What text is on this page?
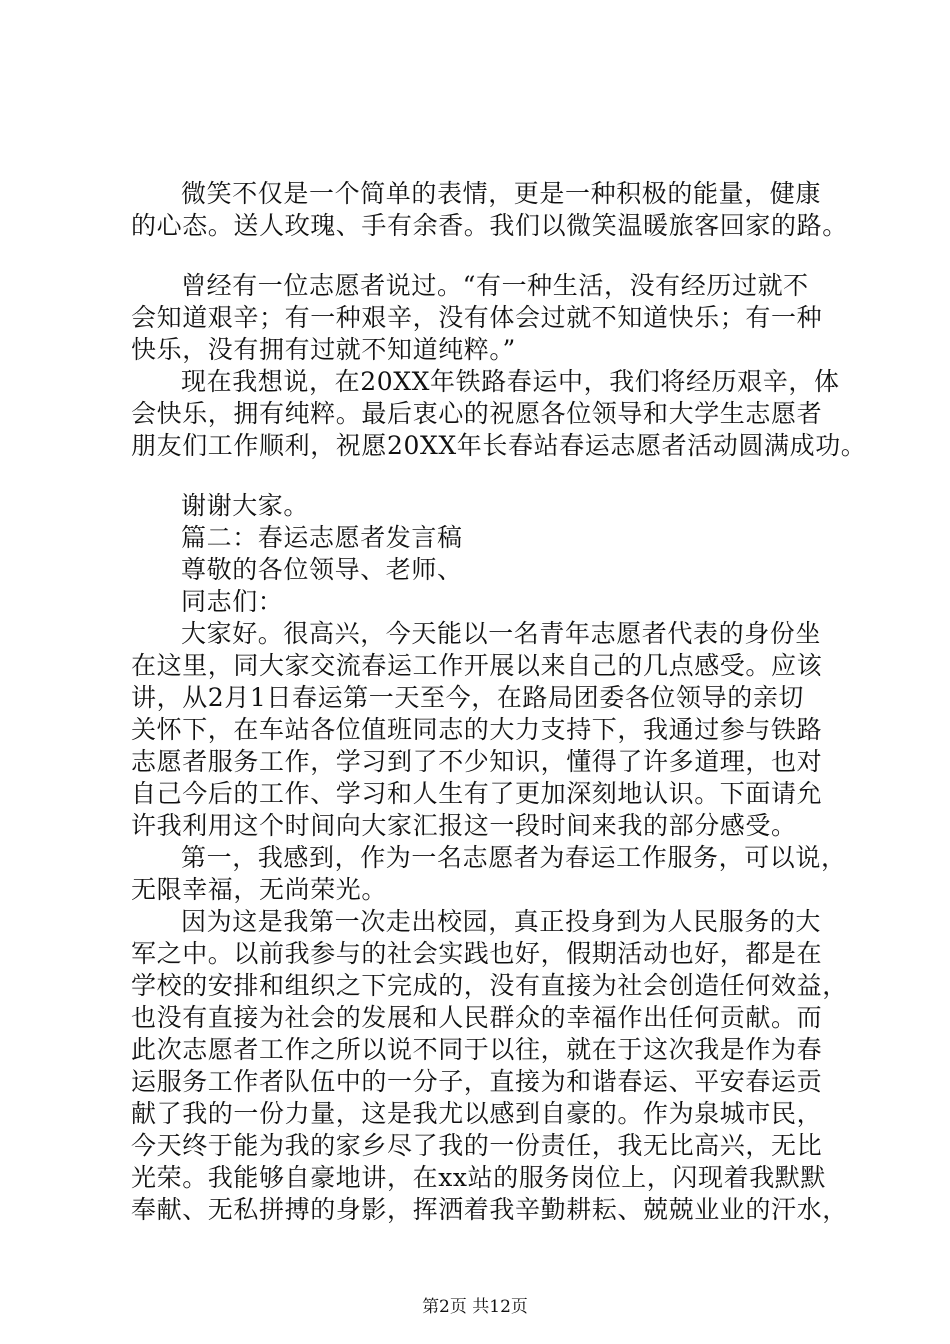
微笑不仅是一个简单的表情，更是一种积极的能量，健康
的心态。送人玫瑰、手有余香。我们以微笑温暖旅客回家的路。
曾经有一位志愿者说过。“有一种生活，没有经历过就不
会知道艰辛；有一种艰辛，没有体会过就不知道快乐；有一种
快乐，没有拥有过就不知道纯粹。”
现在我想说，在20XX年铁路春运中，我们将经历艰辛，体
会快乐，拥有纯粹。最后衷心的祝愿各位领导和大学生志愿者
朋友们工作顺利，祝愿20XX年长春站春运志愿者活动圆满成功。
谢谢大家。
篇二：春运志愿者发言稿
尊敬的各位领导、老师、
同志们：
大家好。很高兴，今天能以一名青年志愿者代表的身份坐
在这里，同大家交流春运工作开展以来自己的几点感受。应该
讲，从2月1日春运第一天至今，在路局团委各位领导的亲切
关怀下，在车站各位值班同志的大力支持下，我通过参与铁路
志愿者服务工作，学习到了不少知识，懂得了许多道理，也对
自己今后的工作、学习和人生有了更加深刻地认识。下面请允
许我利用这个时间向大家汇报这一段时间来我的部分感受。
第一，我感到，作为一名志愿者为春运工作服务，可以说，
无限幸福，无尚荣光。
因为这是我第一次走出校园，真正投身到为人民服务的大
军之中。以前我参与的社会实践也好，假期活动也好，都是在
学校的安排和组织之下完成的，没有直接为社会创造任何效益，
也没有直接为社会的发展和人民群众的幸福作出任何贡献。而
此次志愿者工作之所以说不同于以往，就在于这次我是作为春
运服务工作者队伍中的一分子，直接为和谐春运、平安春运贡
献了我的一份力量，这是我尤以感到自豪的。作为泉城市民，
今天终于能为我的家乡尽了我的一份责任，我无比高兴，无比
光荣。我能够自豪地讲，在xx站的服务岗位上，闪现着我默默
奉献、无私拼搏的身影，挥洒着我辛勤耕耘、兢兢业业的汗水，
第2页 共12页
